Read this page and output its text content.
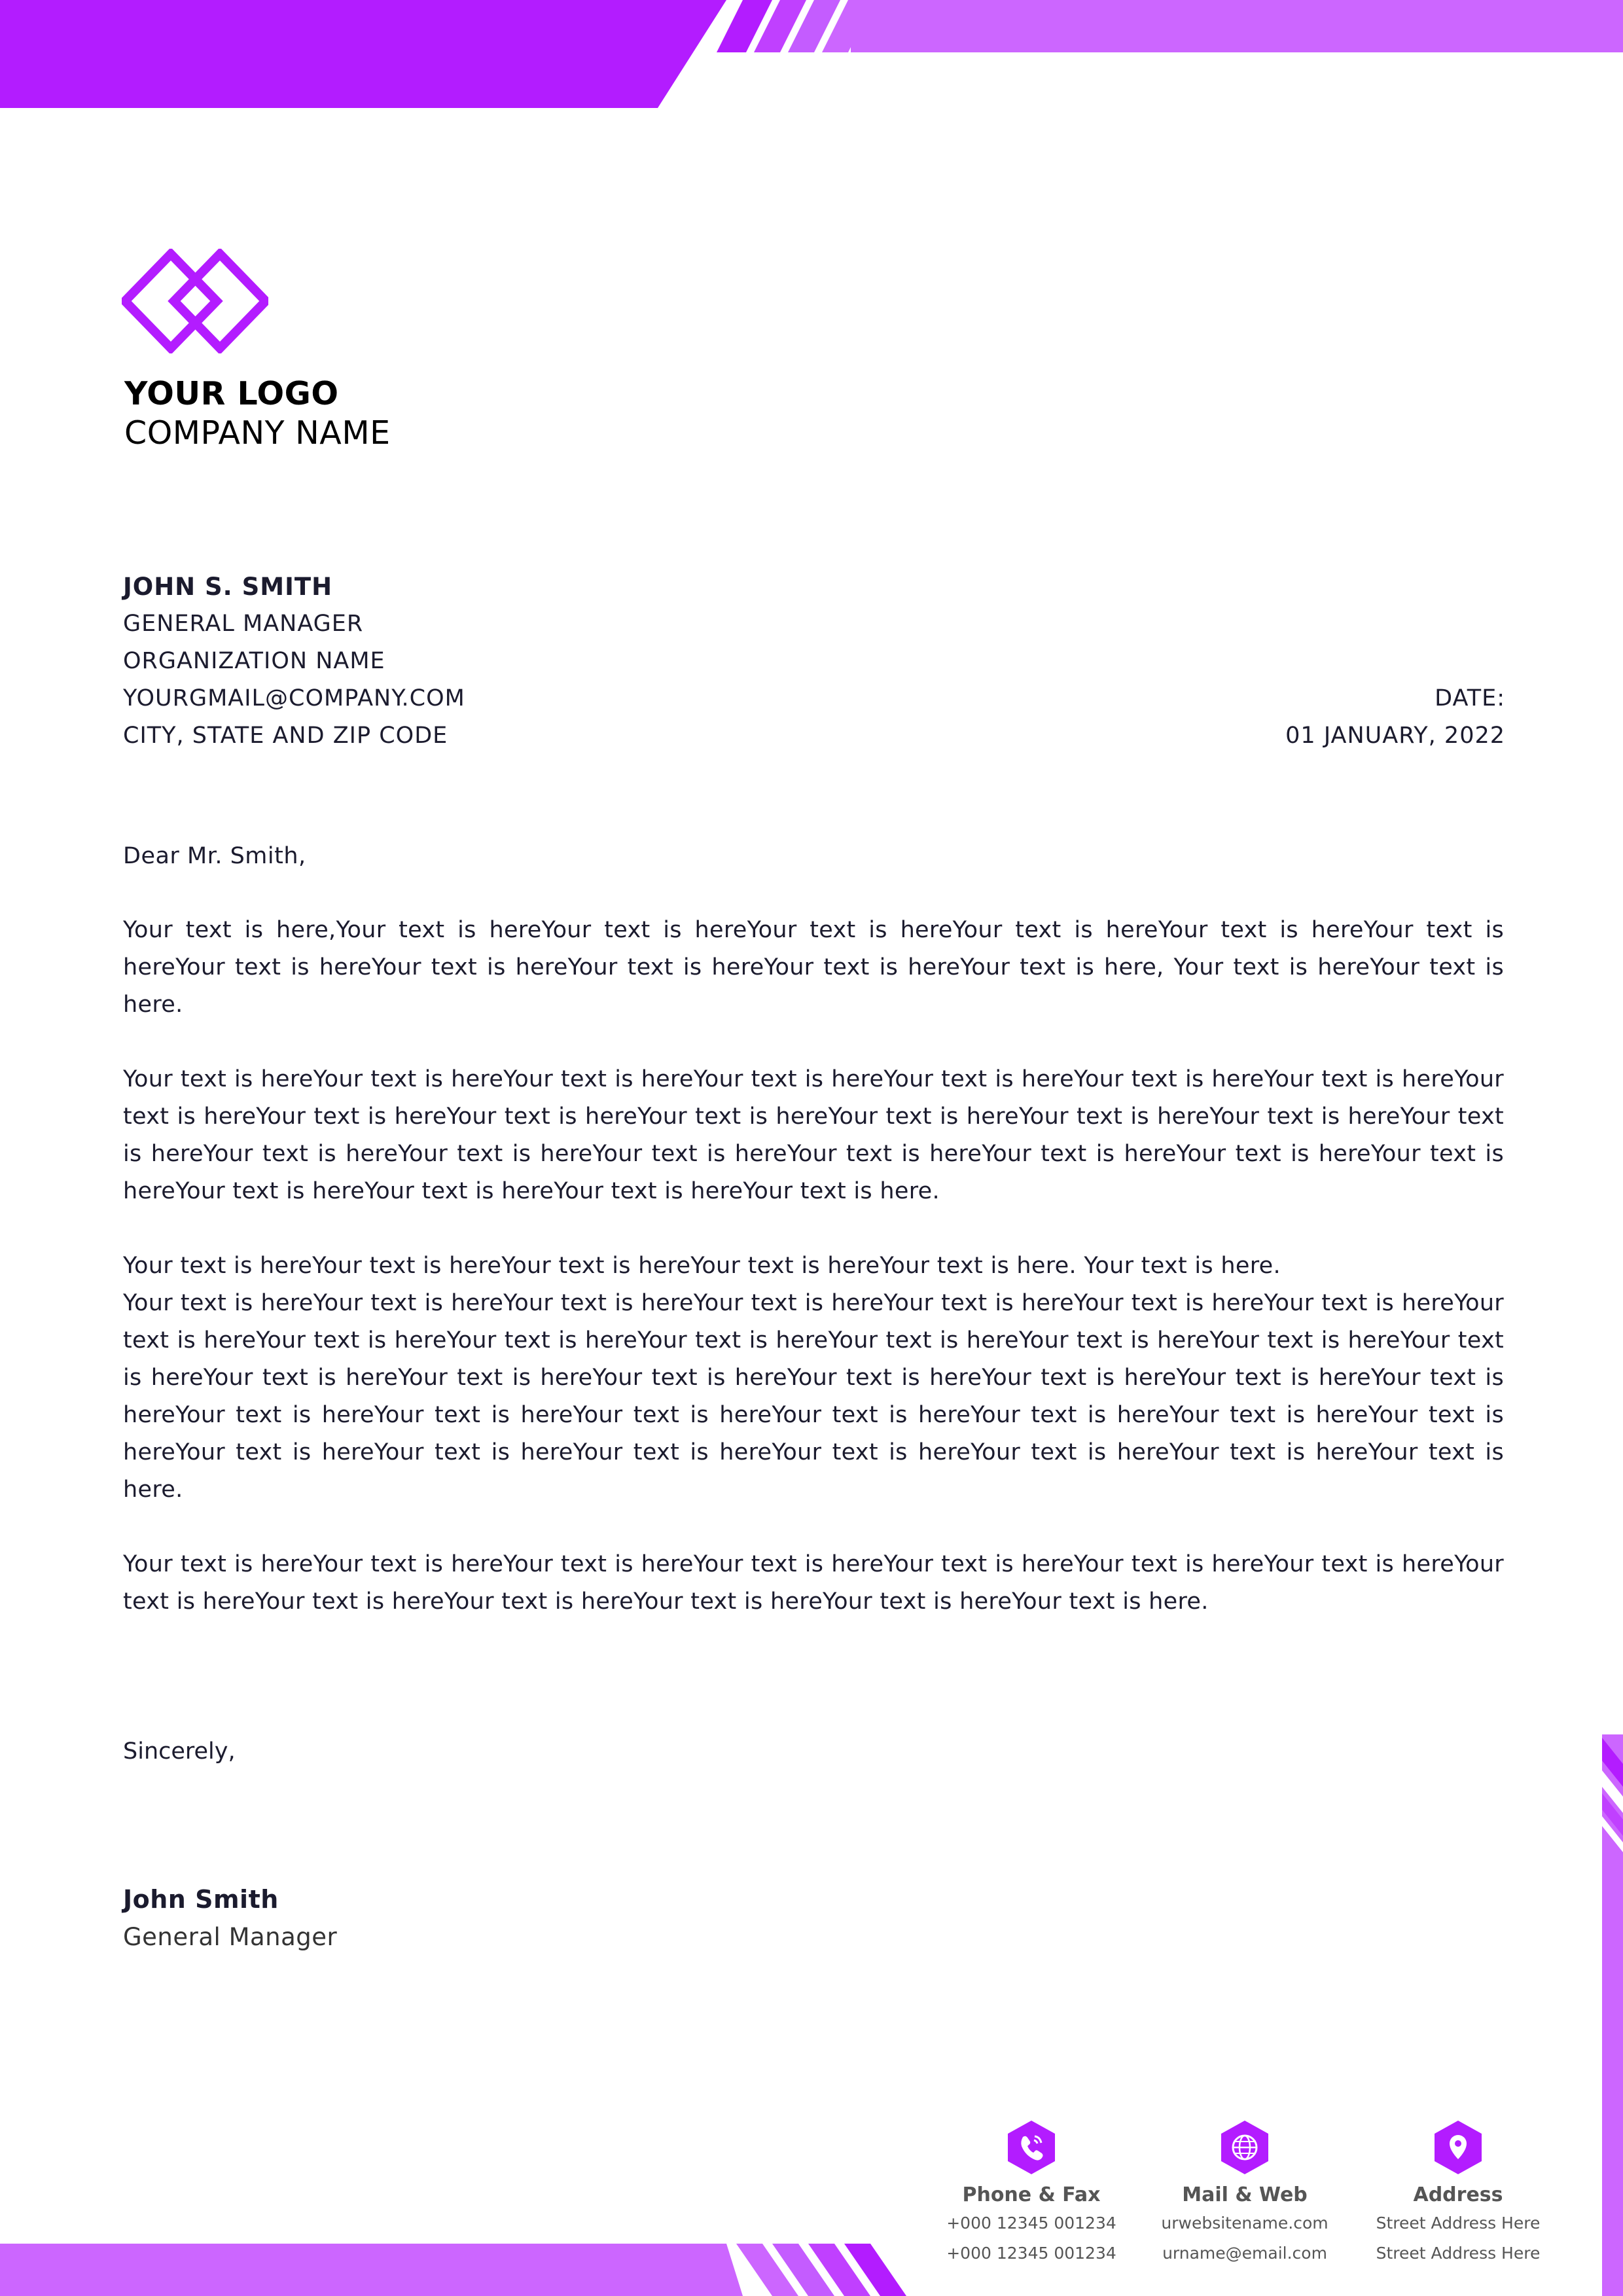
YOUR LOGO
COMPANY NAME
JOHN S. SMITH
GENERAL MANAGER
ORGANIZATION NAME
YOURGMAIL@COMPANY.COM
CITY, STATE AND ZIP CODE
DATE:
01 JANUARY, 2022
Dear Mr. Smith,

Your text is here,Your text is hereYour text is hereYour text is hereYour text is hereYour text is hereYour text is hereYour text is hereYour text is hereYour text is hereYour text is hereYour text is here, Your text is hereYour text is here.

Your text is hereYour text is hereYour text is hereYour text is hereYour text is hereYour text is hereYour text is hereYour text is hereYour text is hereYour text is hereYour text is hereYour text is hereYour text is hereYour text is hereYour text is hereYour text is hereYour text is hereYour text is hereYour text is hereYour text is hereYour text is hereYour text is hereYour text is hereYour text is hereYour text is hereYour text is here.

Your text is hereYour text is hereYour text is hereYour text is hereYour text is here. Your text is here.

Your text is hereYour text is hereYour text is hereYour text is hereYour text is hereYour text is hereYour text is hereYour text is hereYour text is hereYour text is hereYour text is hereYour text is hereYour text is hereYour text is hereYour text is hereYour text is hereYour text is hereYour text is hereYour text is hereYour text is hereYour text is hereYour text is hereYour text is hereYour text is hereYour text is hereYour text is hereYour text is hereYour text is hereYour text is hereYour text is hereYour text is hereYour text is hereYour text is hereYour text is hereYour text is hereYour text is here.

Your text is hereYour text is hereYour text is hereYour text is hereYour text is hereYour text is hereYour text is hereYour text is hereYour text is hereYour text is hereYour text is hereYour text is hereYour text is here.

Sincerely,
John Smith
General Manager
Phone & Fax
+000 12345 001234
+000 12345 001234
Mail & Web
urwebsitename.com
urname@email.com
Address
Street Address Here
Street Address Here
